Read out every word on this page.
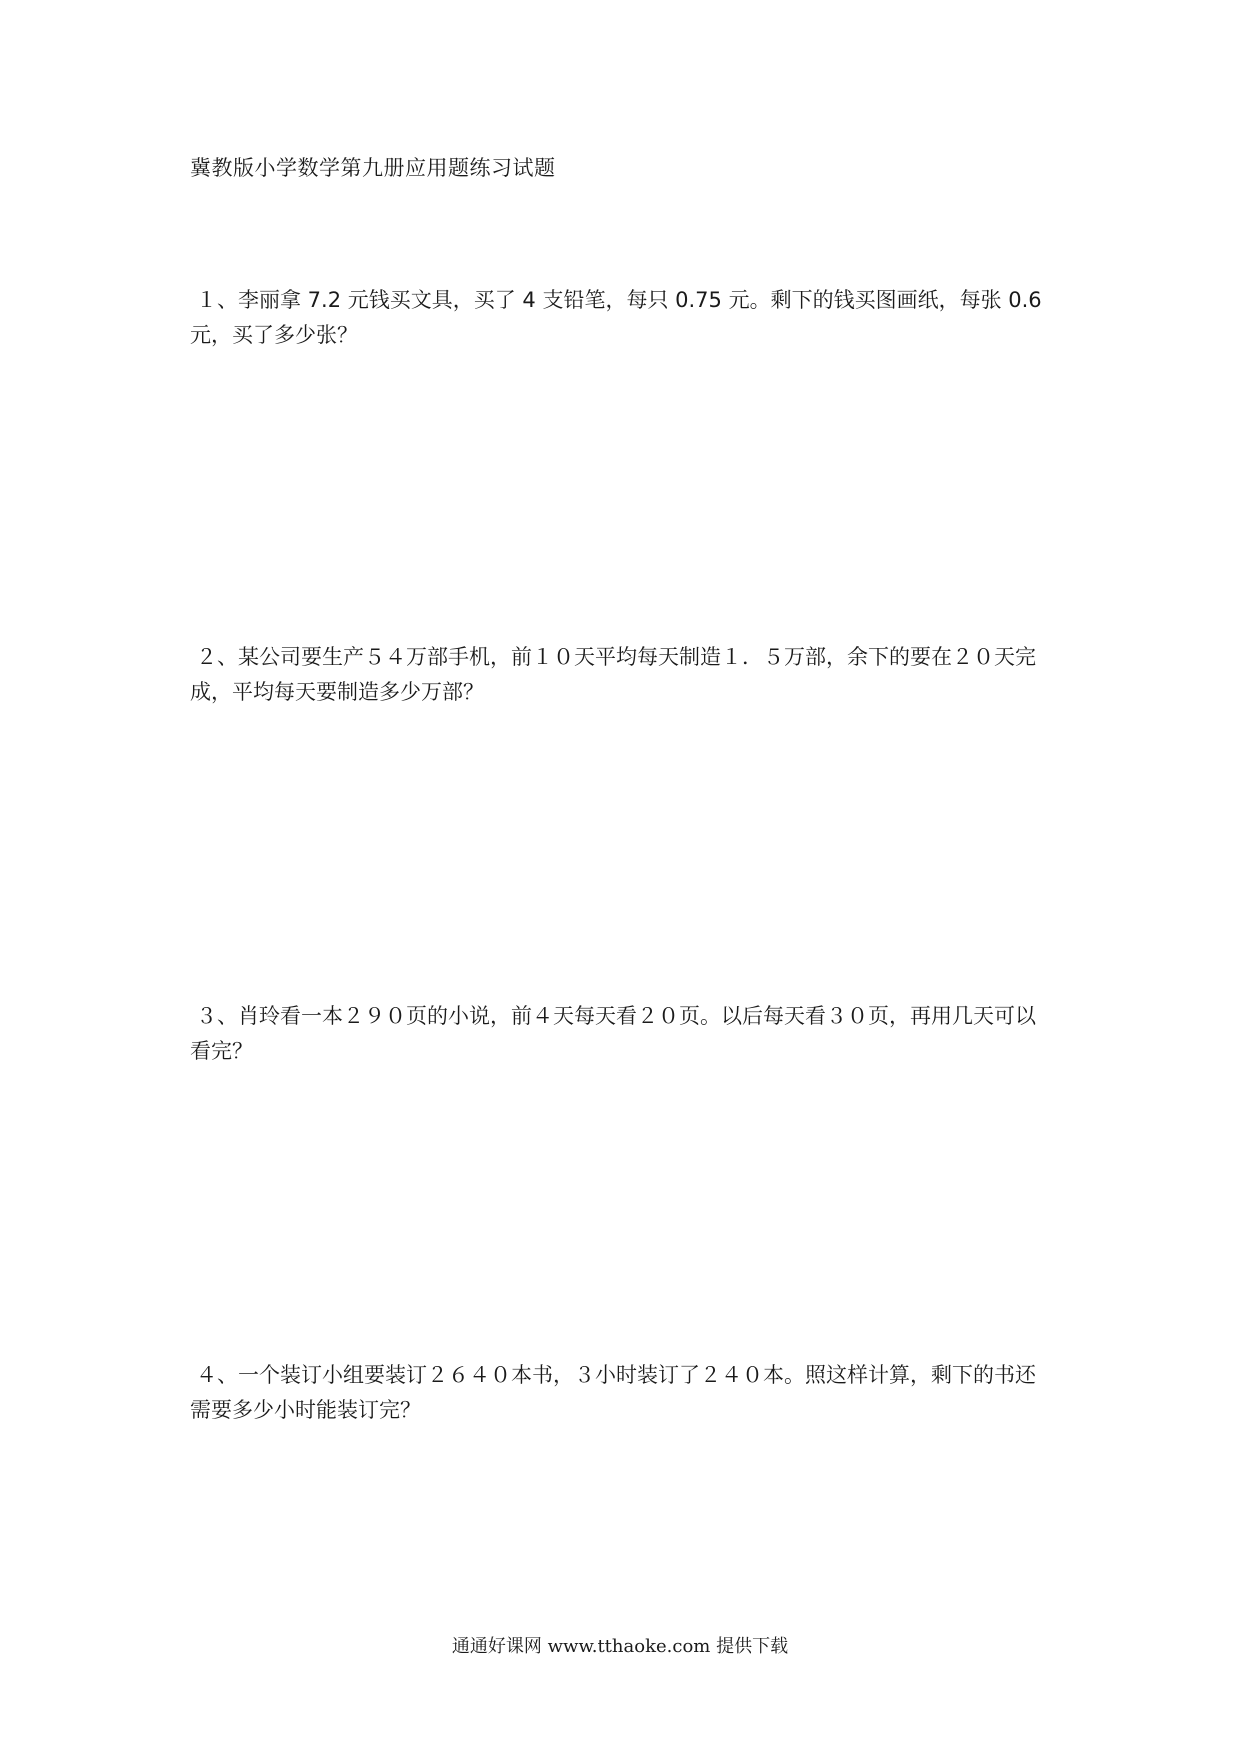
冀教版小学数学第九册应用题练习试题
１、李丽拿 7.2 元钱买文具，买了 4 支铅笔，每只 0.75 元。剩下的钱买图画纸，每张 0.6
元，买了多少张？
２、某公司要生产５４万部手机，前１０天平均每天制造１．５万部，余下的要在２０天完
成，平均每天要制造多少万部？
３、肖玲看一本２９０页的小说，前４天每天看２０页。以后每天看３０页，再用几天可以
看完？
４、一个装订小组要装订２６４０本书，３小时装订了２４０本。照这样计算，剩下的书还
需要多少小时能装订完？
通通好课网 www.tthaoke.com 提供下载
